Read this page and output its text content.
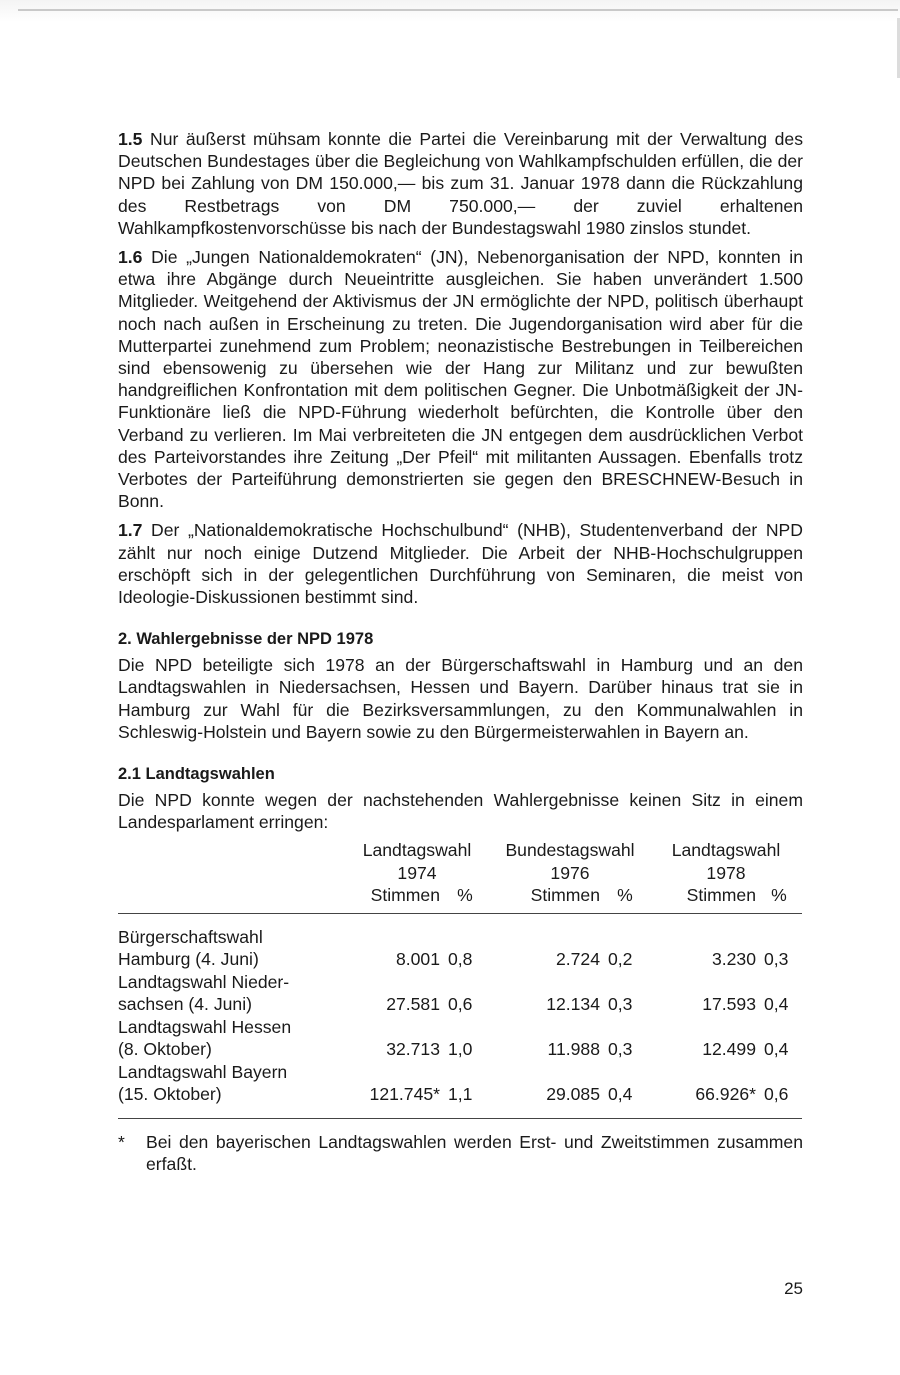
1.5 Nur äußerst mühsam konnte die Partei die Vereinbarung mit der Verwaltung des Deutschen Bundestages über die Begleichung von Wahlkampfschulden erfüllen, die der NPD bei Zahlung von DM 150.000,— bis zum 31. Januar 1978 dann die Rückzahlung des Restbetrags von DM 750.000,— der zuviel erhaltenen Wahlkampfkostenvorschüsse bis nach der Bundestagswahl 1980 zinslos stundet.

1.6 Die „Jungen Nationaldemokraten“ (JN), Nebenorganisation der NPD, konnten in etwa ihre Abgänge durch Neueintritte ausgleichen. Sie haben unverändert 1.500 Mitglieder. Weitgehend der Aktivismus der JN ermöglichte der NPD, politisch überhaupt noch nach außen in Erscheinung zu treten. Die Jugendorganisation wird aber für die Mutterpartei zunehmend zum Problem; neonazistische Bestrebungen in Teilbereichen sind ebensowenig zu übersehen wie der Hang zur Militanz und zur bewußten handgreiflichen Konfrontation mit dem politischen Gegner. Die Unbotmäßigkeit der JN-Funktionäre ließ die NPD-Führung wiederholt befürchten, die Kontrolle über den Verband zu verlieren. Im Mai verbreiteten die JN entgegen dem ausdrücklichen Verbot des Parteivorstandes ihre Zeitung „Der Pfeil“ mit militanten Aussagen. Ebenfalls trotz Verbotes der Parteiführung demonstrierten sie gegen den BRESCHNEW-Besuch in Bonn.

1.7 Der „Nationaldemokratische Hochschulbund“ (NHB), Studentenverband der NPD zählt nur noch einige Dutzend Mitglieder. Die Arbeit der NHB-Hochschulgruppen erschöpft sich in der gelegentlichen Durchführung von Seminaren, die meist von Ideologie-Diskussionen bestimmt sind.

2. Wahlergebnisse der NPD 1978

Die NPD beteiligte sich 1978 an der Bürgerschaftswahl in Hamburg und an den Landtagswahlen in Niedersachsen, Hessen und Bayern. Darüber hinaus trat sie in Hamburg zur Wahl für die Bezirksversammlungen, zu den Kommunalwahlen in Schleswig-Holstein und Bayern sowie zu den Bürgermeisterwahlen in Bayern an.

2.1 Landtagswahlen

Die NPD konnte wegen der nachstehenden Wahlergebnisse keinen Sitz in einem Landesparlament erringen:

	Landtagswahl		Bundestagswahl		Landtagswahl	
	1974		1976		1978	
	Stimmen	%	Stimmen	%	Stimmen	%
Bürgerschaftswahl
Hamburg (4. Juni)	8.001	0,8	2.724	0,2	3.230	0,3
Landtagswahl Nieder-
sachsen (4. Juni)	27.581	0,6	12.134	0,3	17.593	0,4
Landtagswahl Hessen
(8. Oktober)	32.713	1,0	11.988	0,3	12.499	0,4
Landtagswahl Bayern
(15. Oktober)	121.745*	1,1	29.085	0,4	66.926*	0,6

*	Bei den bayerischen Landtagswahlen werden Erst- und Zweitstimmen zusammen erfaßt.
25
